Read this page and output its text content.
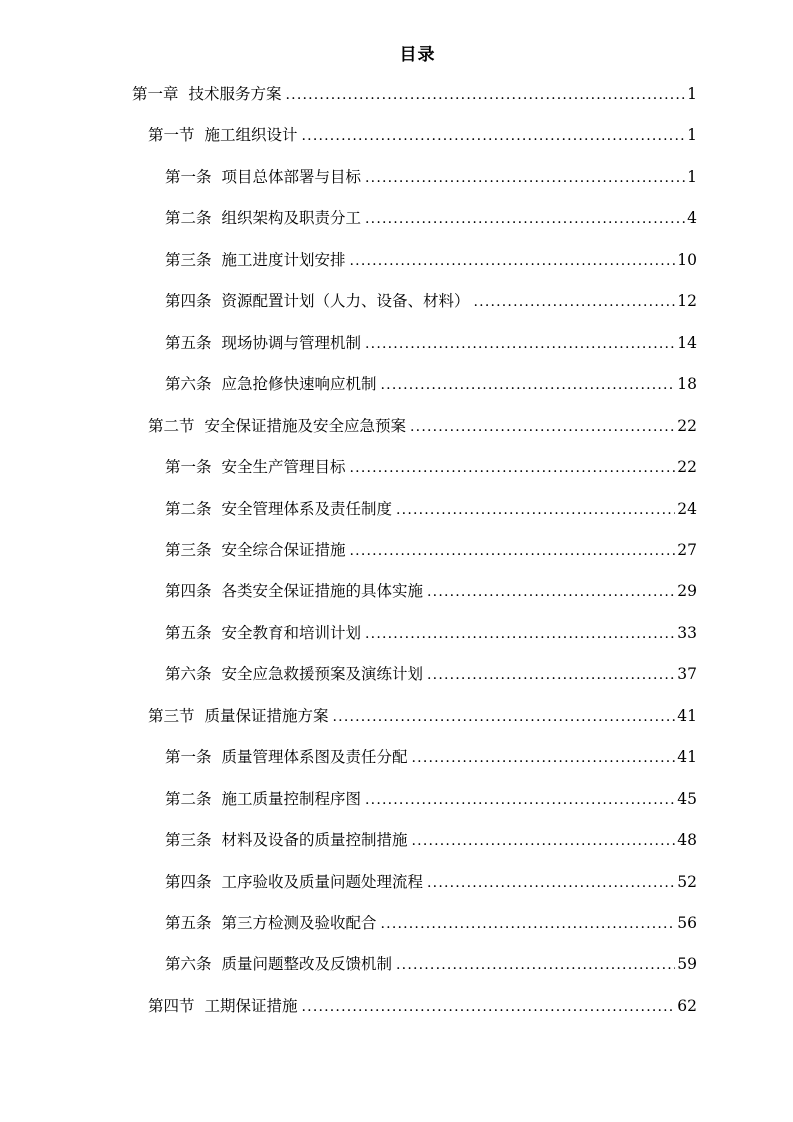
目录
第一章 技术服务方案 .....	1
第一节 施工组织设计 .....	1
第一条 项目总体部署与目标 .....	1
第二条 组织架构及职责分工 .....	4
第三条 施工进度计划安排 .....	10
第四条 资源配置计划（人力、设备、材料） .....	12
第五条 现场协调与管理机制 .....	14
第六条 应急抢修快速响应机制 .....	18
第二节 安全保证措施及安全应急预案 .....	22
第一条 安全生产管理目标 .....	22
第二条 安全管理体系及责任制度 .....	24
第三条 安全综合保证措施 .....	27
第四条 各类安全保证措施的具体实施 .....	29
第五条 安全教育和培训计划 .....	33
第六条 安全应急救援预案及演练计划 .....	37
第三节 质量保证措施方案 .....	41
第一条 质量管理体系图及责任分配 .....	41
第二条 施工质量控制程序图 .....	45
第三条 材料及设备的质量控制措施 .....	48
第四条 工序验收及质量问题处理流程 .....	52
第五条 第三方检测及验收配合 .....	56
第六条 质量问题整改及反馈机制 .....	59
第四节 工期保证措施 .....	62
